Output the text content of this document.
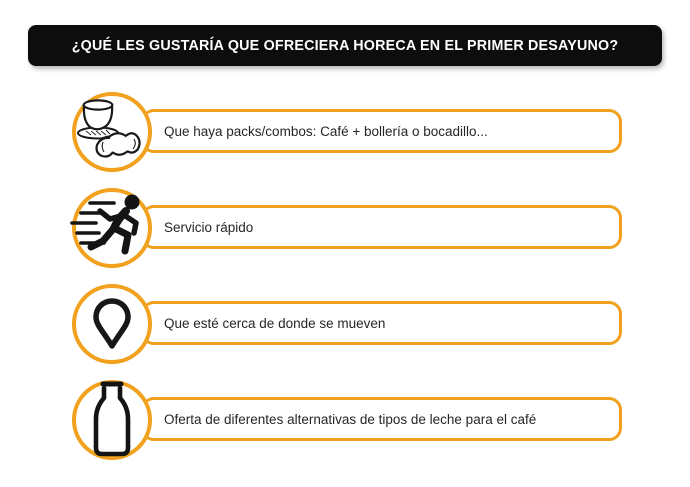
¿QUÉ LES GUSTARÍA QUE OFRECIERA HORECA EN EL PRIMER DESAYUNO?
Que haya packs/combos: Café + bollería o bocadillo...
Servicio rápido
Que esté cerca de donde se mueven
Oferta de diferentes alternativas de tipos de leche para el café
